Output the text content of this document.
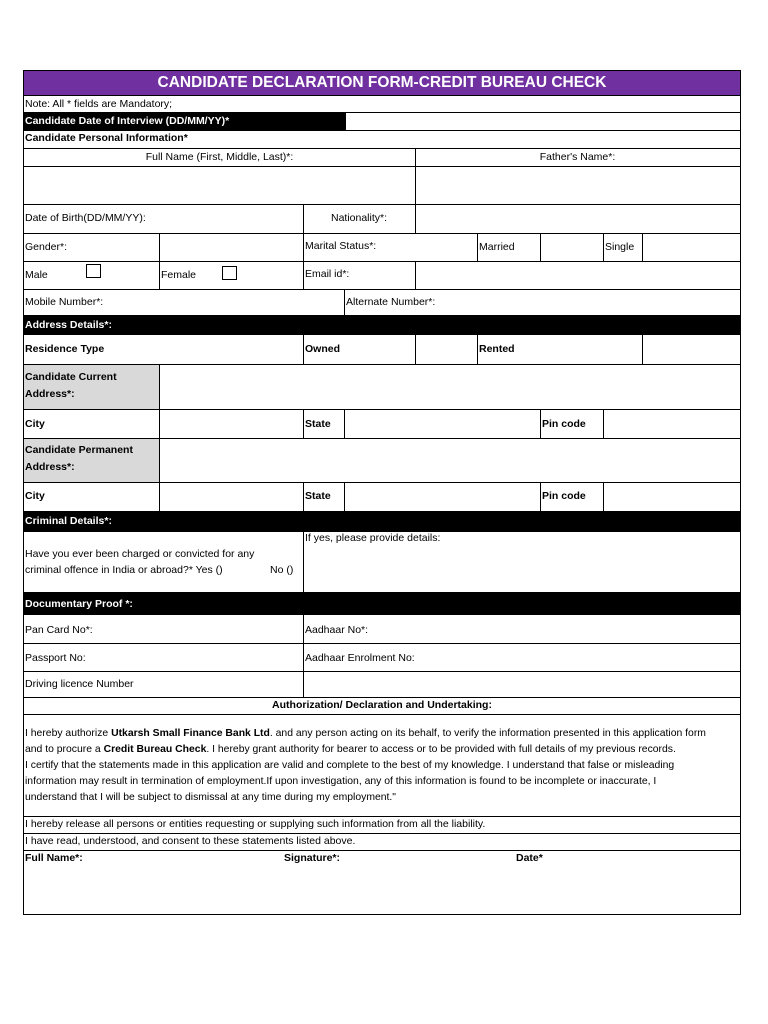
CANDIDATE DECLARATION FORM-CREDIT BUREAU CHECK
Note: All * fields are Mandatory;
Candidate Date of Interview (DD/MM/YY)*
Candidate Personal Information*
Full Name (First, Middle, Last)*:	Father's Name*:
Date of Birth(DD/MM/YY):	Nationality*:
Gender*:	Marital Status*:	Married	Single
Male	Female	Email id*:
Mobile Number*:	Alternate Number*:
Address Details*:
Residence Type	Owned	Rented
Candidate Current
Address*:
City	State	Pin code
Candidate Permanent
Address*:
City	State	Pin code
Criminal Details*:
Have you ever been charged or convicted for any
criminal offence in India or abroad?* Yes ()	No ()
If yes, please provide details:
Documentary Proof *:
Pan Card No*:	Aadhaar No*:
Passport No:	Aadhaar Enrolment No:
Driving licence Number
Authorization/ Declaration and Undertaking:
I hereby authorize Utkarsh Small Finance Bank Ltd. and any person acting on its behalf, to verify the information presented in this application form
and to procure a Credit Bureau Check. I hereby grant authority for bearer to access or to be provided with full details of my previous records.
I certify that the statements made in this application are valid and complete to the best of my knowledge. I understand that false or misleading
information may result in termination of employment.If upon investigation, any of this information is found to be incomplete or inaccurate, I
understand that I will be subject to dismissal at any time during my employment."
I hereby release all persons or entities requesting or supplying such information from all the liability.
I have read, understood, and consent to these statements listed above.
Full Name*:	Signature*:	Date*
